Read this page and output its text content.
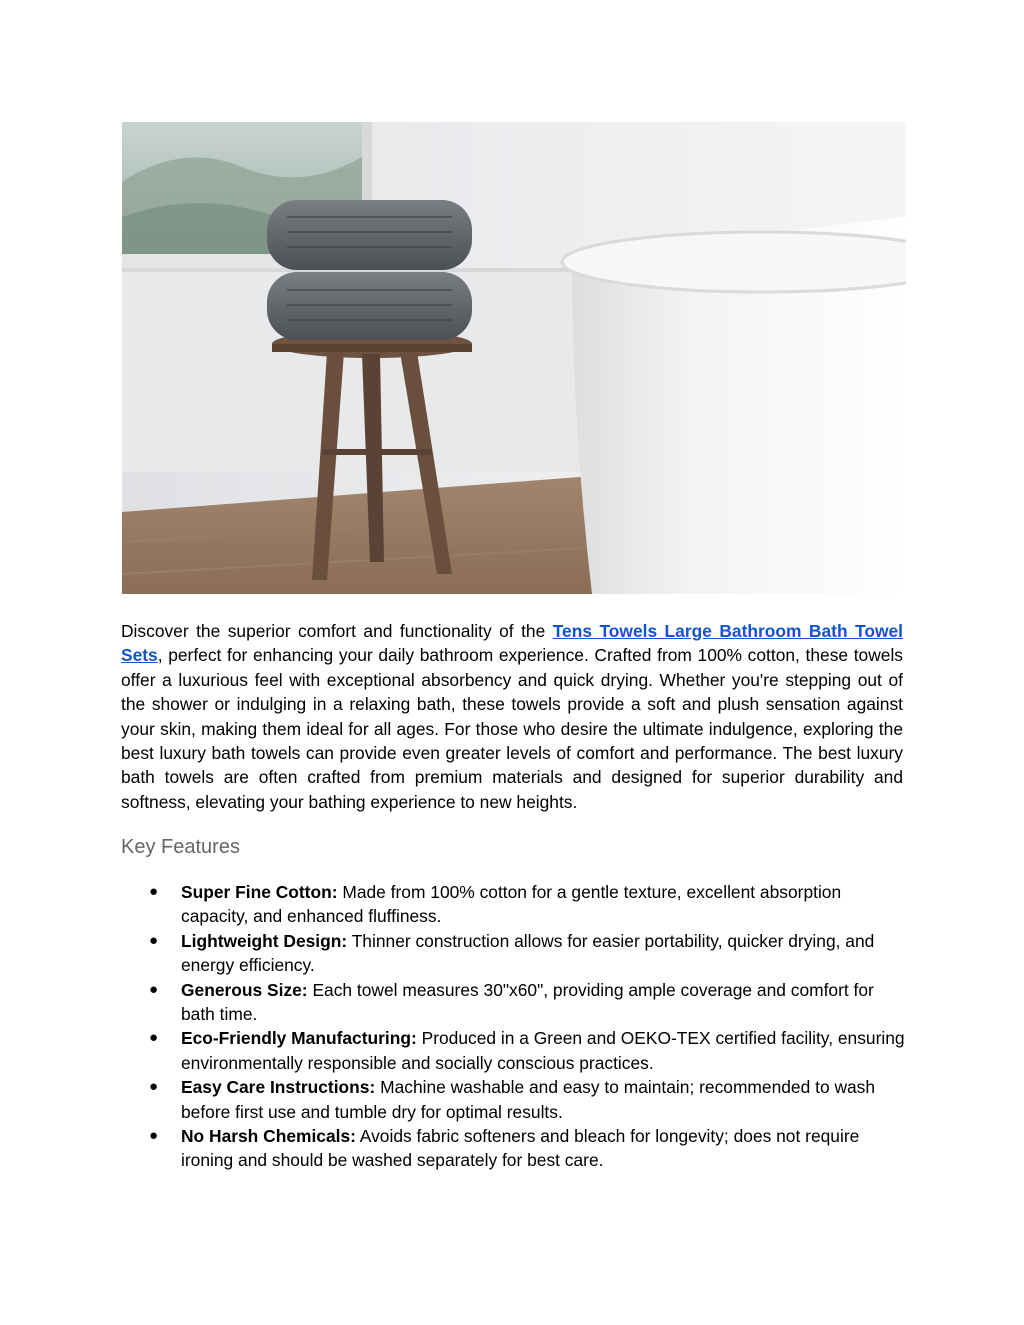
Discover the superior comfort and functionality of the Tens Towels Large Bathroom Bath Towel Sets, perfect for enhancing your daily bathroom experience. Crafted from 100% cotton, these towels offer a luxurious feel with exceptional absorbency and quick drying. Whether you're stepping out of the shower or indulging in a relaxing bath, these towels provide a soft and plush sensation against your skin, making them ideal for all ages. For those who desire the ultimate indulgence, exploring the best luxury bath towels can provide even greater levels of comfort and performance. The best luxury bath towels are often crafted from premium materials and designed for superior durability and softness, elevating your bathing experience to new heights.

Key Features
● Super Fine Cotton: Made from 100% cotton for a gentle texture, excellent absorption capacity, and enhanced fluffiness.
● Lightweight Design: Thinner construction allows for easier portability, quicker drying, and energy efficiency.
● Generous Size: Each towel measures 30"x60", providing ample coverage and comfort for bath time.
● Eco-Friendly Manufacturing: Produced in a Green and OEKO-TEX certified facility, ensuring environmentally responsible and socially conscious practices.
● Easy Care Instructions: Machine washable and easy to maintain; recommended to wash before first use and tumble dry for optimal results.
● No Harsh Chemicals: Avoids fabric softeners and bleach for longevity; does not require ironing and should be washed separately for best care.
